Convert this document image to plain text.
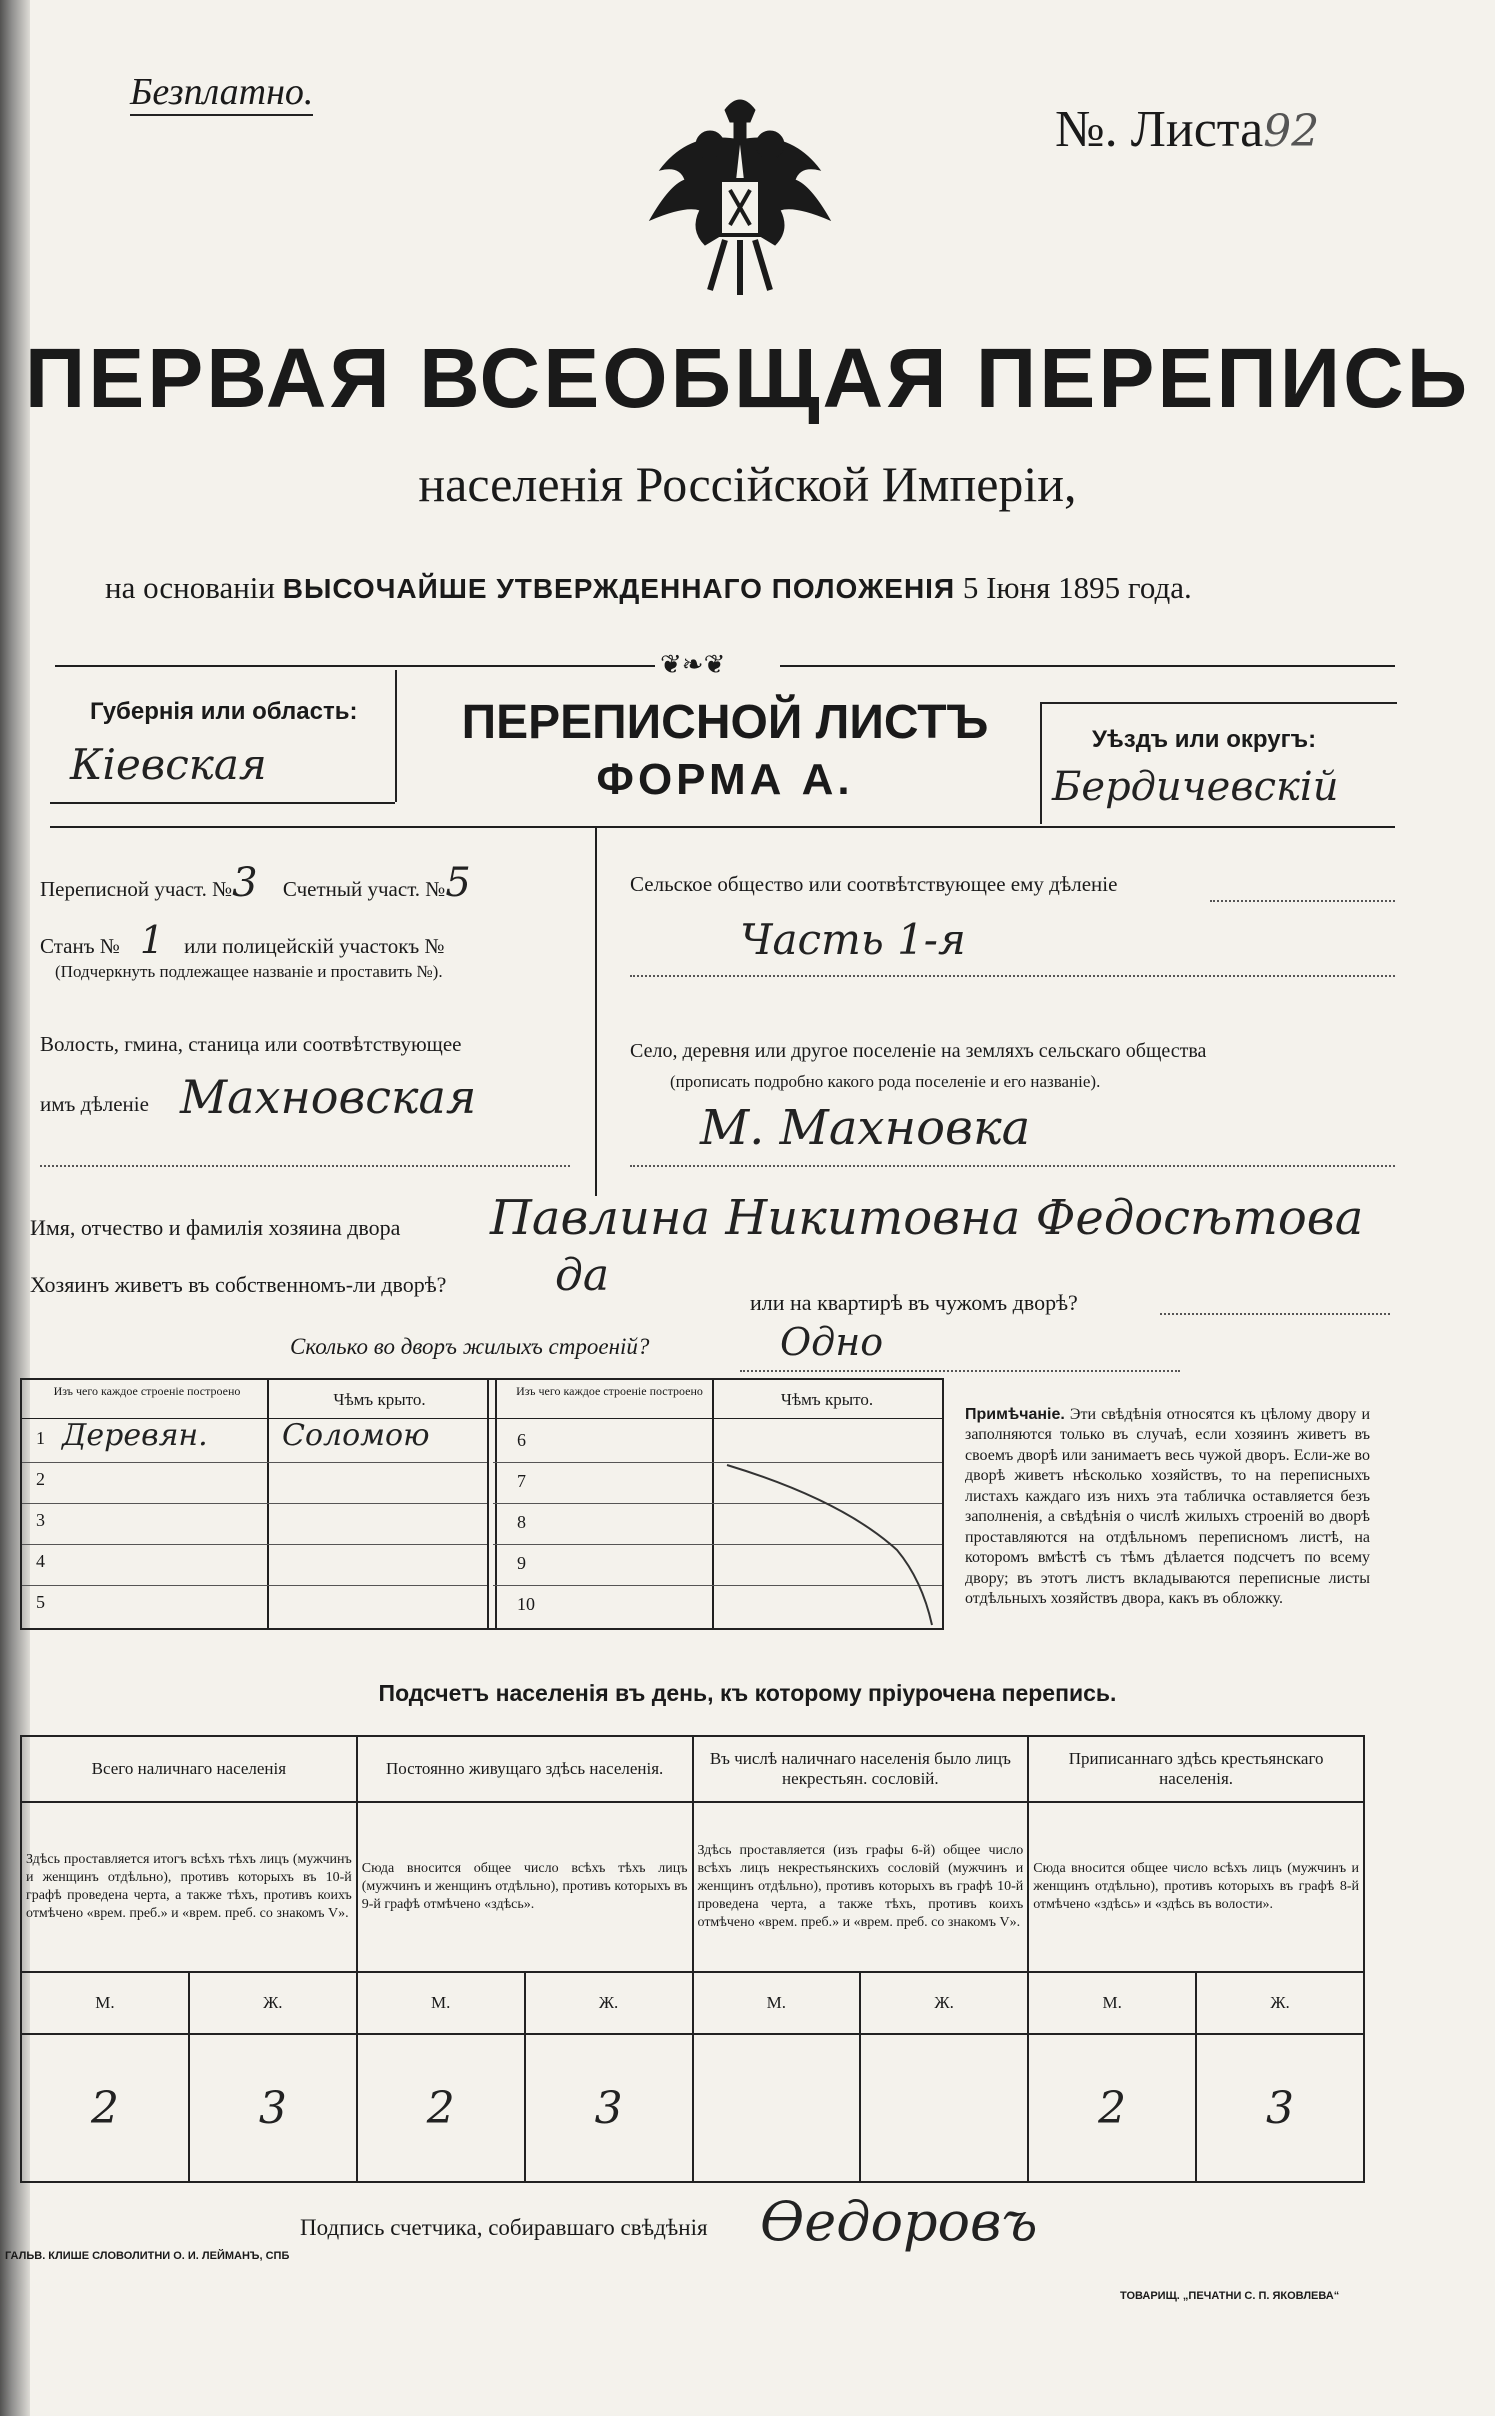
Безплатно.
№. Листа92
ПЕРВАЯ ВСЕОБЩАЯ ПЕРЕПИСЬ
населенія Россійской Имперіи,
на основаніи ВЫСОЧАЙШЕ УТВЕРЖДЕННАГО ПОЛОЖЕНІЯ 5 Іюня 1895 года.
❦❧❦
Губернія или область:
Кіевская
ПЕРЕПИСНОЙ ЛИСТЪ
ФОРМА А.
Уѣздъ или округъ:
Бердичевскій
Переписной участ. №3 Счетный участ. №5
Станъ № 1 или полицейскій участокъ №
(Подчеркнуть подлежащее названіе и проставить №).
Волость, гмина, станица или соотвѣтствующее
имъ дѣленіе Махновская
Сельское общество или соотвѣтствующее ему дѣленіе
Часть 1-я
Село, деревня или другое поселеніе на земляхъ сельскаго общества
(прописать подробно какого рода поселеніе и его названіе).
М. Махновка
Имя, отчество и фамилія хозяина двора Павлина Никитовна Федосѣтова
Хозяинъ живетъ въ собственномъ-ли дворѣ? да
или на квартирѣ въ чужомъ дворѣ?
Сколько во дворъ жилыхъ строеній?	Одно
Изъ чего каждое строеніе построено	Чѣмъ крыто.	Изъ чего каждое строеніе построено	Чѣмъ крыто.
1 Деревян. Соломою
2
3
4
5
6
7
8
9
10
Примѣчаніе. Эти свѣдѣнія относятся къ цѣлому двору и заполняются только въ случаѣ, если хозяинъ живетъ въ своемъ дворѣ или занимаетъ весь чужой дворъ. Если-же во дворѣ живетъ нѣсколько хозяйствъ, то на переписныхъ листахъ каждаго изъ нихъ эта табличка оставляется безъ заполненія, а свѣдѣнія о числѣ жилыхъ строеній во дворѣ проставляются на отдѣльномъ переписномъ листѣ, на которомъ вмѣстѣ съ тѣмъ дѣлается подсчетъ по всему двору; въ этотъ листъ вкладываются переписные листы отдѣльныхъ хозяйствъ двора, какъ въ обложку.
Подсчетъ населенія въ день, къ которому пріурочена перепись.
Всего наличнаго населенія		Постоянно живущаго здѣсь населенія.		Въ числѣ наличнаго населенія было лицъ некрестьян. сословій.		Приписаннаго здѣсь крестьянскаго населенія.	
Здѣсь проставляется итогъ всѣхъ тѣхъ лицъ (мужчинъ и женщинъ отдѣльно), противъ которыхъ въ 10-й графѣ проведена черта, а также тѣхъ, противъ коихъ отмѣчено «врем. преб.» и «врем. преб. со знакомъ V».		Сюда вносится общее число всѣхъ тѣхъ лицъ (мужчинъ и женщинъ отдѣльно), противъ которыхъ въ 9-й графѣ отмѣчено «здѣсь».		Здѣсь проставляется (изъ графы 6-й) общее число всѣхъ лицъ некрестьянскихъ сословій (мужчинъ и женщинъ отдѣльно), противъ которыхъ въ графѣ 10-й проведена черта, а также тѣхъ, противъ коихъ отмѣчено «врем. преб.» и «врем. преб. со знакомъ V».		Сюда вносится общее число всѣхъ лицъ (мужчинъ и женщинъ отдѣльно), противъ которыхъ въ графѣ 8-й отмѣчено «здѣсь» и «здѣсь въ волости».	
М.	Ж.	М.	Ж.	М.	Ж.	М.	Ж.
2	3	2	3			2	3
Подпись счетчика, собиравшаго свѣдѣнія Ѳедоровъ
ГАЛЬВ. КЛИШЕ СЛОВОЛИТНИ О. И. ЛЕЙМАНЪ, СПБ
ТОВАРИЩ. „ПЕЧАТНИ С. П. ЯКОВЛЕВА“
